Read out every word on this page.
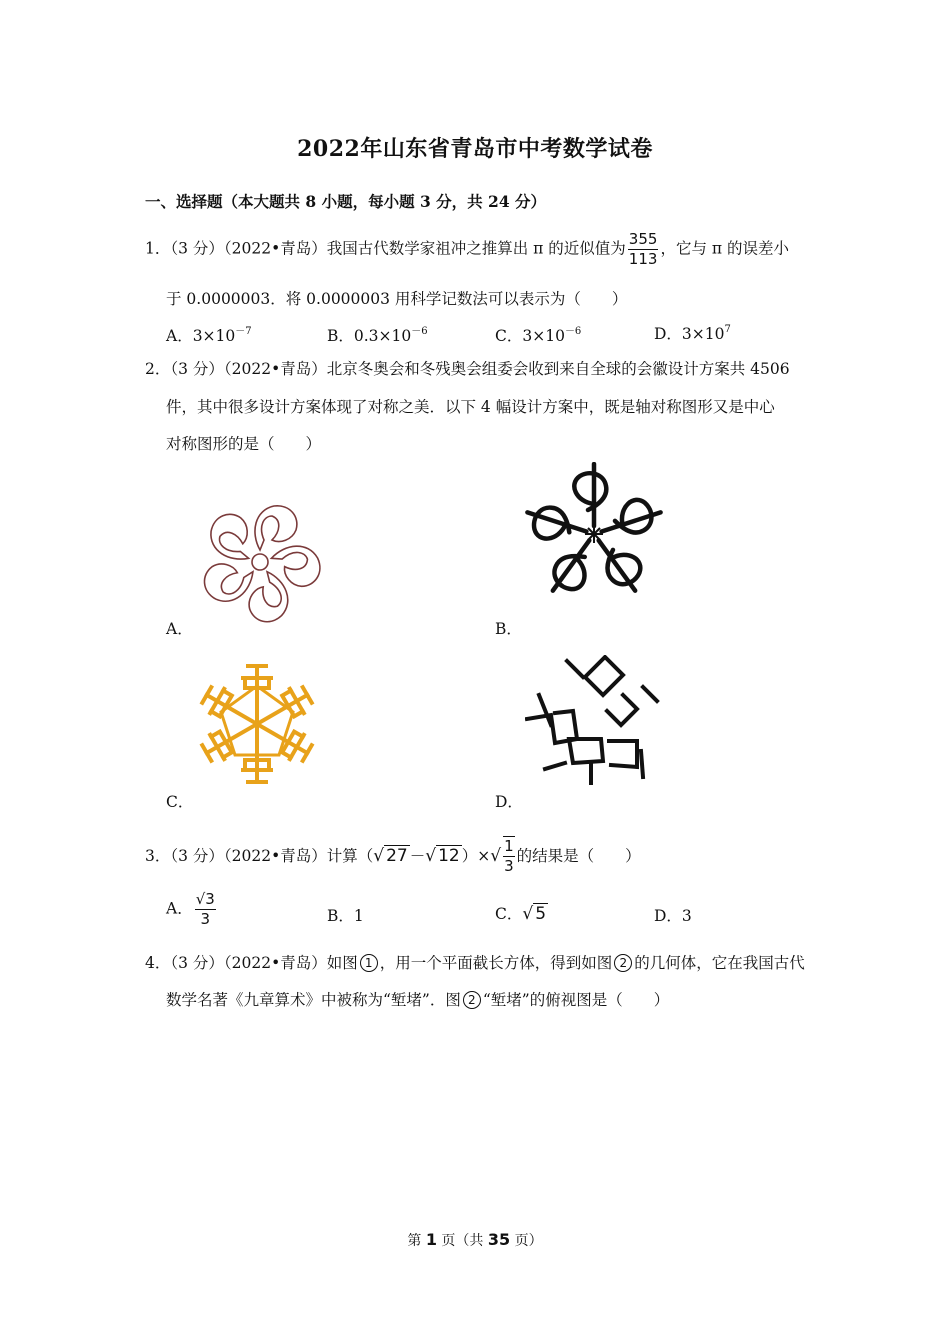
2022年山东省青岛市中考数学试卷
一、选择题（本大题共 8 小题，每小题 3 分，共 24 分）
1．（3 分）（2022•青岛）我国古代数学家祖冲之推算出 π 的近似值为 $\frac{355}{113}$ ，它与 π 的误差小
于 0.0000003．将 0.0000003 用科学记数法可以表示为（　　）
A．$3\times 10^{-7}$	B．$0.3\times 10^{-6}$	C．$3\times 10^{-6}$	D．$3\times 10^7$
2．（3 分）（2022•青岛）北京冬奥会和冬残奥会组委会收到来自全球的会徽设计方案共 4506
件，其中很多设计方案体现了对称之美．以下 4 幅设计方案中，既是轴对称图形又是中心
对称图形的是（　　）
A．	B．
C．	D．
3．（3 分）（2022•青岛）计算（√ 27 －√ 12 ）×√ $\frac{1}{3}$ 的结果是（　　）
A． $\frac{√3}{3}$	B．1	C．√ 5	D．3
4．（3 分）（2022•青岛）如图 1 ，用一个平面截长方体，得到如图 2 的几何体，它在我国古代
数学名著《九章算术》中被称为“堑堵”．图 2 “堑堵”的俯视图是（　　）
第 1 页（共 35 页）
